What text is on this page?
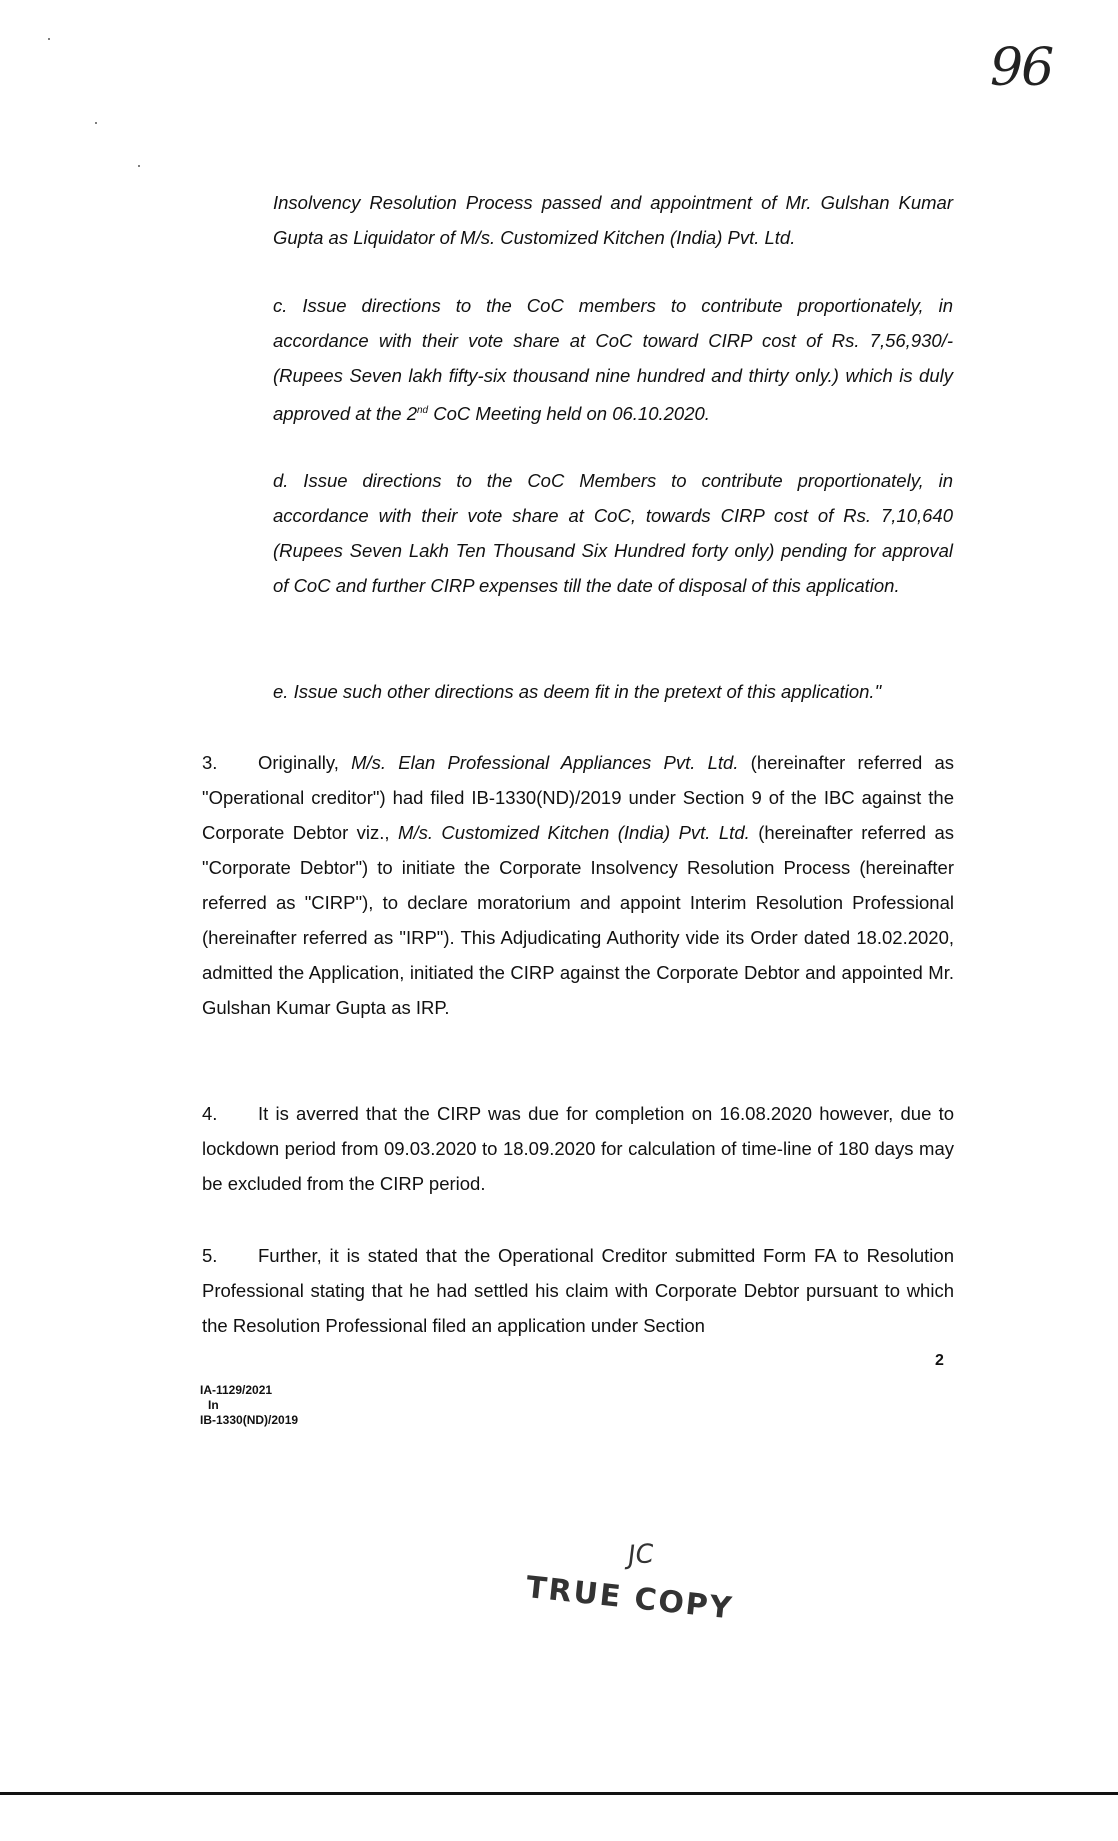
96

Insolvency Resolution Process passed and appointment of Mr. Gulshan Kumar Gupta as Liquidator of M/s. Customized Kitchen (India) Pvt. Ltd.

c. Issue directions to the CoC members to contribute proportionately, in accordance with their vote share at CoC toward CIRP cost of Rs. 7,56,930/- (Rupees Seven lakh fifty-six thousand nine hundred and thirty only.) which is duly approved at the 2nd CoC Meeting held on 06.10.2020.

d. Issue directions to the CoC Members to contribute proportionately, in accordance with their vote share at CoC, towards CIRP cost of Rs. 7,10,640 (Rupees Seven Lakh Ten Thousand Six Hundred forty only) pending for approval of CoC and further CIRP expenses till the date of disposal of this application.

e. Issue such other directions as deem fit in the pretext of this application."

3. Originally, M/s. Elan Professional Appliances Pvt. Ltd. (hereinafter referred as "Operational creditor") had filed IB-1330(ND)/2019 under Section 9 of the IBC against the Corporate Debtor viz., M/s. Customized Kitchen (India) Pvt. Ltd. (hereinafter referred as "Corporate Debtor") to initiate the Corporate Insolvency Resolution Process (hereinafter referred as "CIRP"), to declare moratorium and appoint Interim Resolution Professional (hereinafter referred as "IRP"). This Adjudicating Authority vide its Order dated 18.02.2020, admitted the Application, initiated the CIRP against the Corporate Debtor and appointed Mr. Gulshan Kumar Gupta as IRP.

4. It is averred that the CIRP was due for completion on 16.08.2020 however, due to lockdown period from 09.03.2020 to 18.09.2020 for calculation of time-line of 180 days may be excluded from the CIRP period.

5. Further, it is stated that the Operational Creditor submitted Form FA to Resolution Professional stating that he had settled his claim with Corporate Debtor pursuant to which the Resolution Professional filed an application under Section

2
IA-1129/2021
In
IB-1330(ND)/2019
JC
TRUE COPY
